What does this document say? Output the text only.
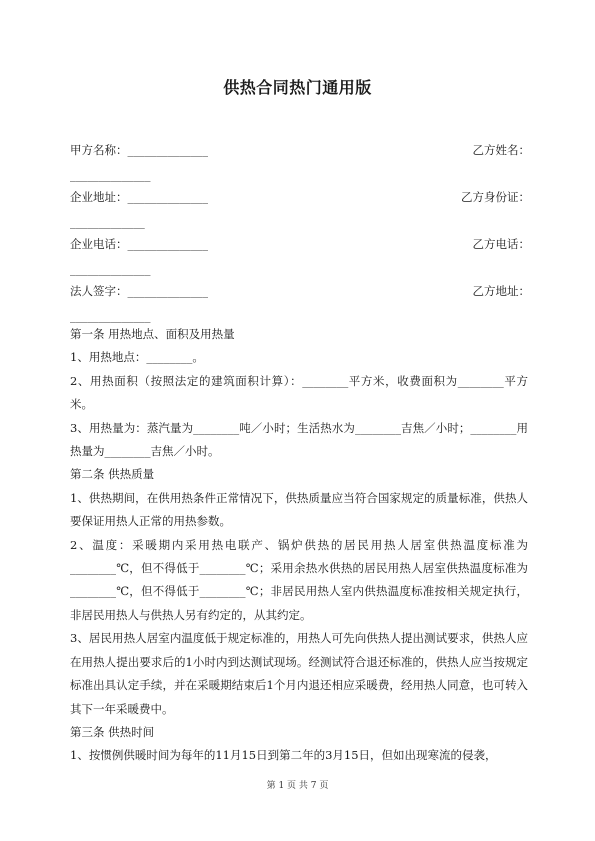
供热合同热门通用版
甲方名称：______________	乙方姓名：
______________
企业地址：______________	乙方身份证：
_____________
企业电话：______________	乙方电话：
______________
法人签字：______________	乙方地址：
______________

第一条 用热地点、面积及用热量

1、用热地点：________。

2、用热面积（按照法定的建筑面积计算）：________平方米，收费面积为________平方米。

3、用热量为：蒸汽量为________吨／小时；生活热水为________吉焦／小时；________用热量为________吉焦／小时。

第二条 供热质量

1、供热期间，在供用热条件正常情况下，供热质量应当符合国家规定的质量标准，供热人要保证用热人正常的用热参数。

2、温度：采暖期内采用热电联产、锅炉供热的居民用热人居室供热温度标准为________℃，但不得低于________℃；采用余热水供热的居民用热人居室供热温度标准为________℃，但不得低于________℃；非居民用热人室内供热温度标准按相关规定执行，非居民用热人与供热人另有约定的，从其约定。

3、居民用热人居室内温度低于规定标准的，用热人可先向供热人提出测试要求，供热人应在用热人提出要求后的1小时内到达测试现场。经测试符合退还标准的，供热人应当按规定标准出具认定手续，并在采暖期结束后1个月内退还相应采暖费，经用热人同意，也可转入其下一年采暖费中。

第三条 供热时间

1、按惯例供暖时间为每年的11月15日到第二年的3月15日，但如出现寒流的侵袭，

第 1 页 共 7 页
